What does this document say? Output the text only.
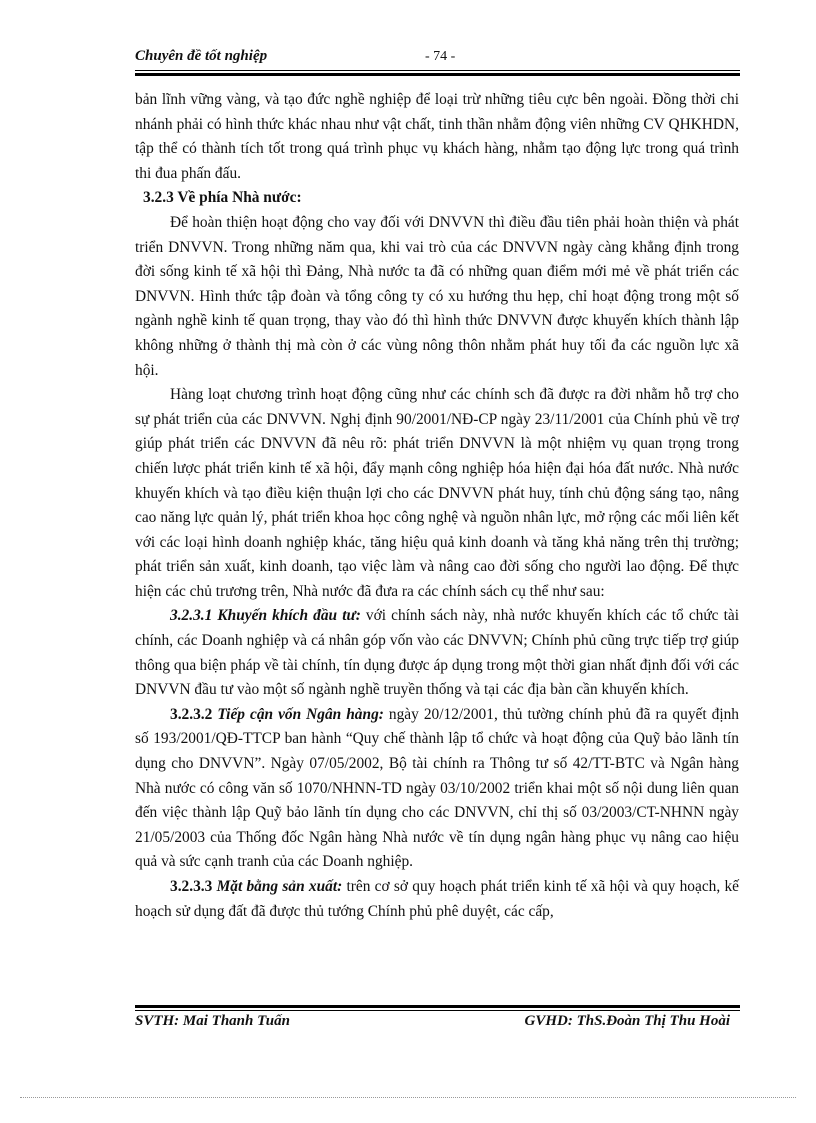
Chuyên đề tốt nghiệp	- 74 -

bản lĩnh vững vàng, và tạo đức nghề nghiệp để loại trừ những tiêu cực bên ngoài. Đồng thời chi nhánh phải có hình thức khác nhau như vật chất, tinh thần nhằm động viên những CV QHKHDN, tập thể có thành tích tốt trong quá trình phục vụ khách hàng, nhằm tạo động lực trong quá trình thi đua phấn đấu.

3.2.3 Về phía Nhà nước:

Để hoàn thiện hoạt động cho vay đối với DNVVN thì điều đầu tiên phải hoàn thiện và phát triển DNVVN. Trong những năm qua, khi vai trò của các DNVVN ngày càng khẳng định trong đời sống kinh tế xã hội thì Đảng, Nhà nước ta đã có những quan điểm mới mẻ về phát triển các DNVVN. Hình thức tập đoàn và tổng công ty có xu hướng thu hẹp, chỉ hoạt động trong một số ngành nghề kinh tế quan trọng, thay vào đó thì hình thức DNVVN được khuyến khích thành lập không những ở thành thị mà còn ở các vùng nông thôn nhằm phát huy tối đa các nguồn lực xã hội.

Hàng loạt chương trình hoạt động cũng như các chính sch đã được ra đời nhằm hỗ trợ cho sự phát triển của các DNVVN. Nghị định 90/2001/NĐ-CP ngày 23/11/2001 của Chính phủ về trợ giúp phát triển các DNVVN đã nêu rõ: phát triển DNVVN là một nhiệm vụ quan trọng trong chiến lược phát triển kinh tế xã hội, đẩy mạnh công nghiệp hóa hiện đại hóa đất nước. Nhà nước khuyến khích và tạo điều kiện thuận lợi cho các DNVVN phát huy, tính chủ động sáng tạo, nâng cao năng lực quản lý, phát triển khoa học công nghệ và nguồn nhân lực, mở rộng các mối liên kết với các loại hình doanh nghiệp khác, tăng hiệu quả kinh doanh và tăng khả năng trên thị trường; phát triển sản xuất, kinh doanh, tạo việc làm và nâng cao đời sống cho người lao động. Để thực hiện các chủ trương trên, Nhà nước đã đưa ra các chính sách cụ thể như sau:

3.2.3.1 Khuyến khích đầu tư: với chính sách này, nhà nước khuyến khích các tổ chức tài chính, các Doanh nghiệp và cá nhân góp vốn vào các DNVVN; Chính phủ cũng trực tiếp trợ giúp thông qua biện pháp về tài chính, tín dụng được áp dụng trong một thời gian nhất định đối với các DNVVN đầu tư vào một số ngành nghề truyền thống và tại các địa bàn cần khuyến khích.

3.2.3.2 Tiếp cận vốn Ngân hàng: ngày 20/12/2001, thủ tường chính phủ đã ra quyết định số 193/2001/QĐ-TTCP ban hành “Quy chế thành lập tổ chức và hoạt động của Quỹ bảo lãnh tín dụng cho DNVVN”. Ngày 07/05/2002, Bộ tài chính ra Thông tư số 42/TT-BTC và Ngân hàng Nhà nước có công văn số 1070/NHNN-TD ngày 03/10/2002 triển khai một số nội dung liên quan đến việc thành lập Quỹ bảo lãnh tín dụng cho các DNVVN, chỉ thị số 03/2003/CT-NHNN ngày 21/05/2003 của Thống đốc Ngân hàng Nhà nước về tín dụng ngân hàng phục vụ nâng cao hiệu quả và sức cạnh tranh của các Doanh nghiệp.

3.2.3.3 Mặt bằng sản xuất: trên cơ sở quy hoạch phát triển kinh tế xã hội và quy hoạch, kế hoạch sử dụng đất đã được thủ tướng Chính phủ phê duyệt, các cấp,

SVTH: Mai Thanh Tuấn	GVHD: ThS.Đoàn Thị Thu Hoài
